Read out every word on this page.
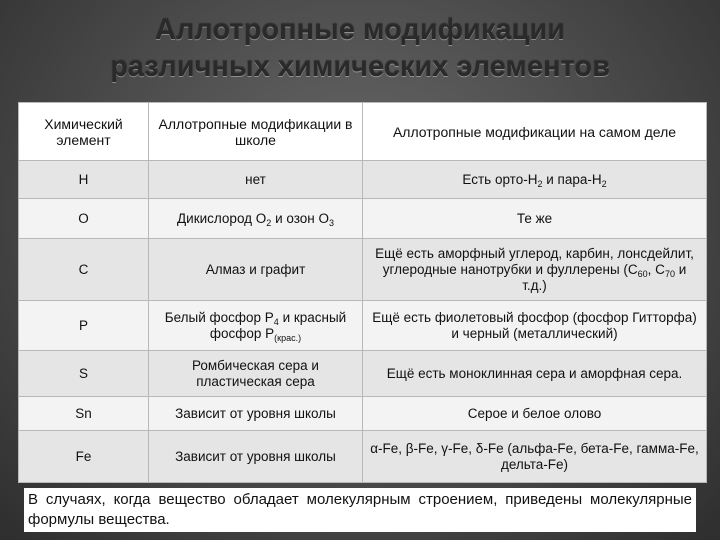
Аллотропные модификации
различных химических элементов
Химический элемент	Аллотропные модификации в школе	Аллотропные модификации на самом деле
H	нет	Есть орто-$H_2$ и пара-$H_2$
O	Дикислород $O_2$ и озон $O_3$	Те же
C	Алмаз и графит	Ещё есть аморфный углерод, карбин, лонсдейлит, углеродные нанотрубки и фуллерены ($C_{60}$, $C_{70}$ и т.д.)
P	Белый фосфор $P_4$ и красный фосфор $P_{(крас.)}$	Ещё есть фиолетовый фосфор (фосфор Гитторфа) и черный (металлический)
S	Ромбическая сера и пластическая сера	Ещё есть моноклинная сера и аморфная сера.
Sn	Зависит от уровня школы	Серое и белое олово
Fe	Зависит от уровня школы	α-Fe, β-Fe, γ-Fe, δ-Fe (альфа-Fe, бета-Fe, гамма-Fe, дельта-Fe)
В случаях, когда вещество обладает молекулярным строением, приведены молекулярные формулы вещества.
